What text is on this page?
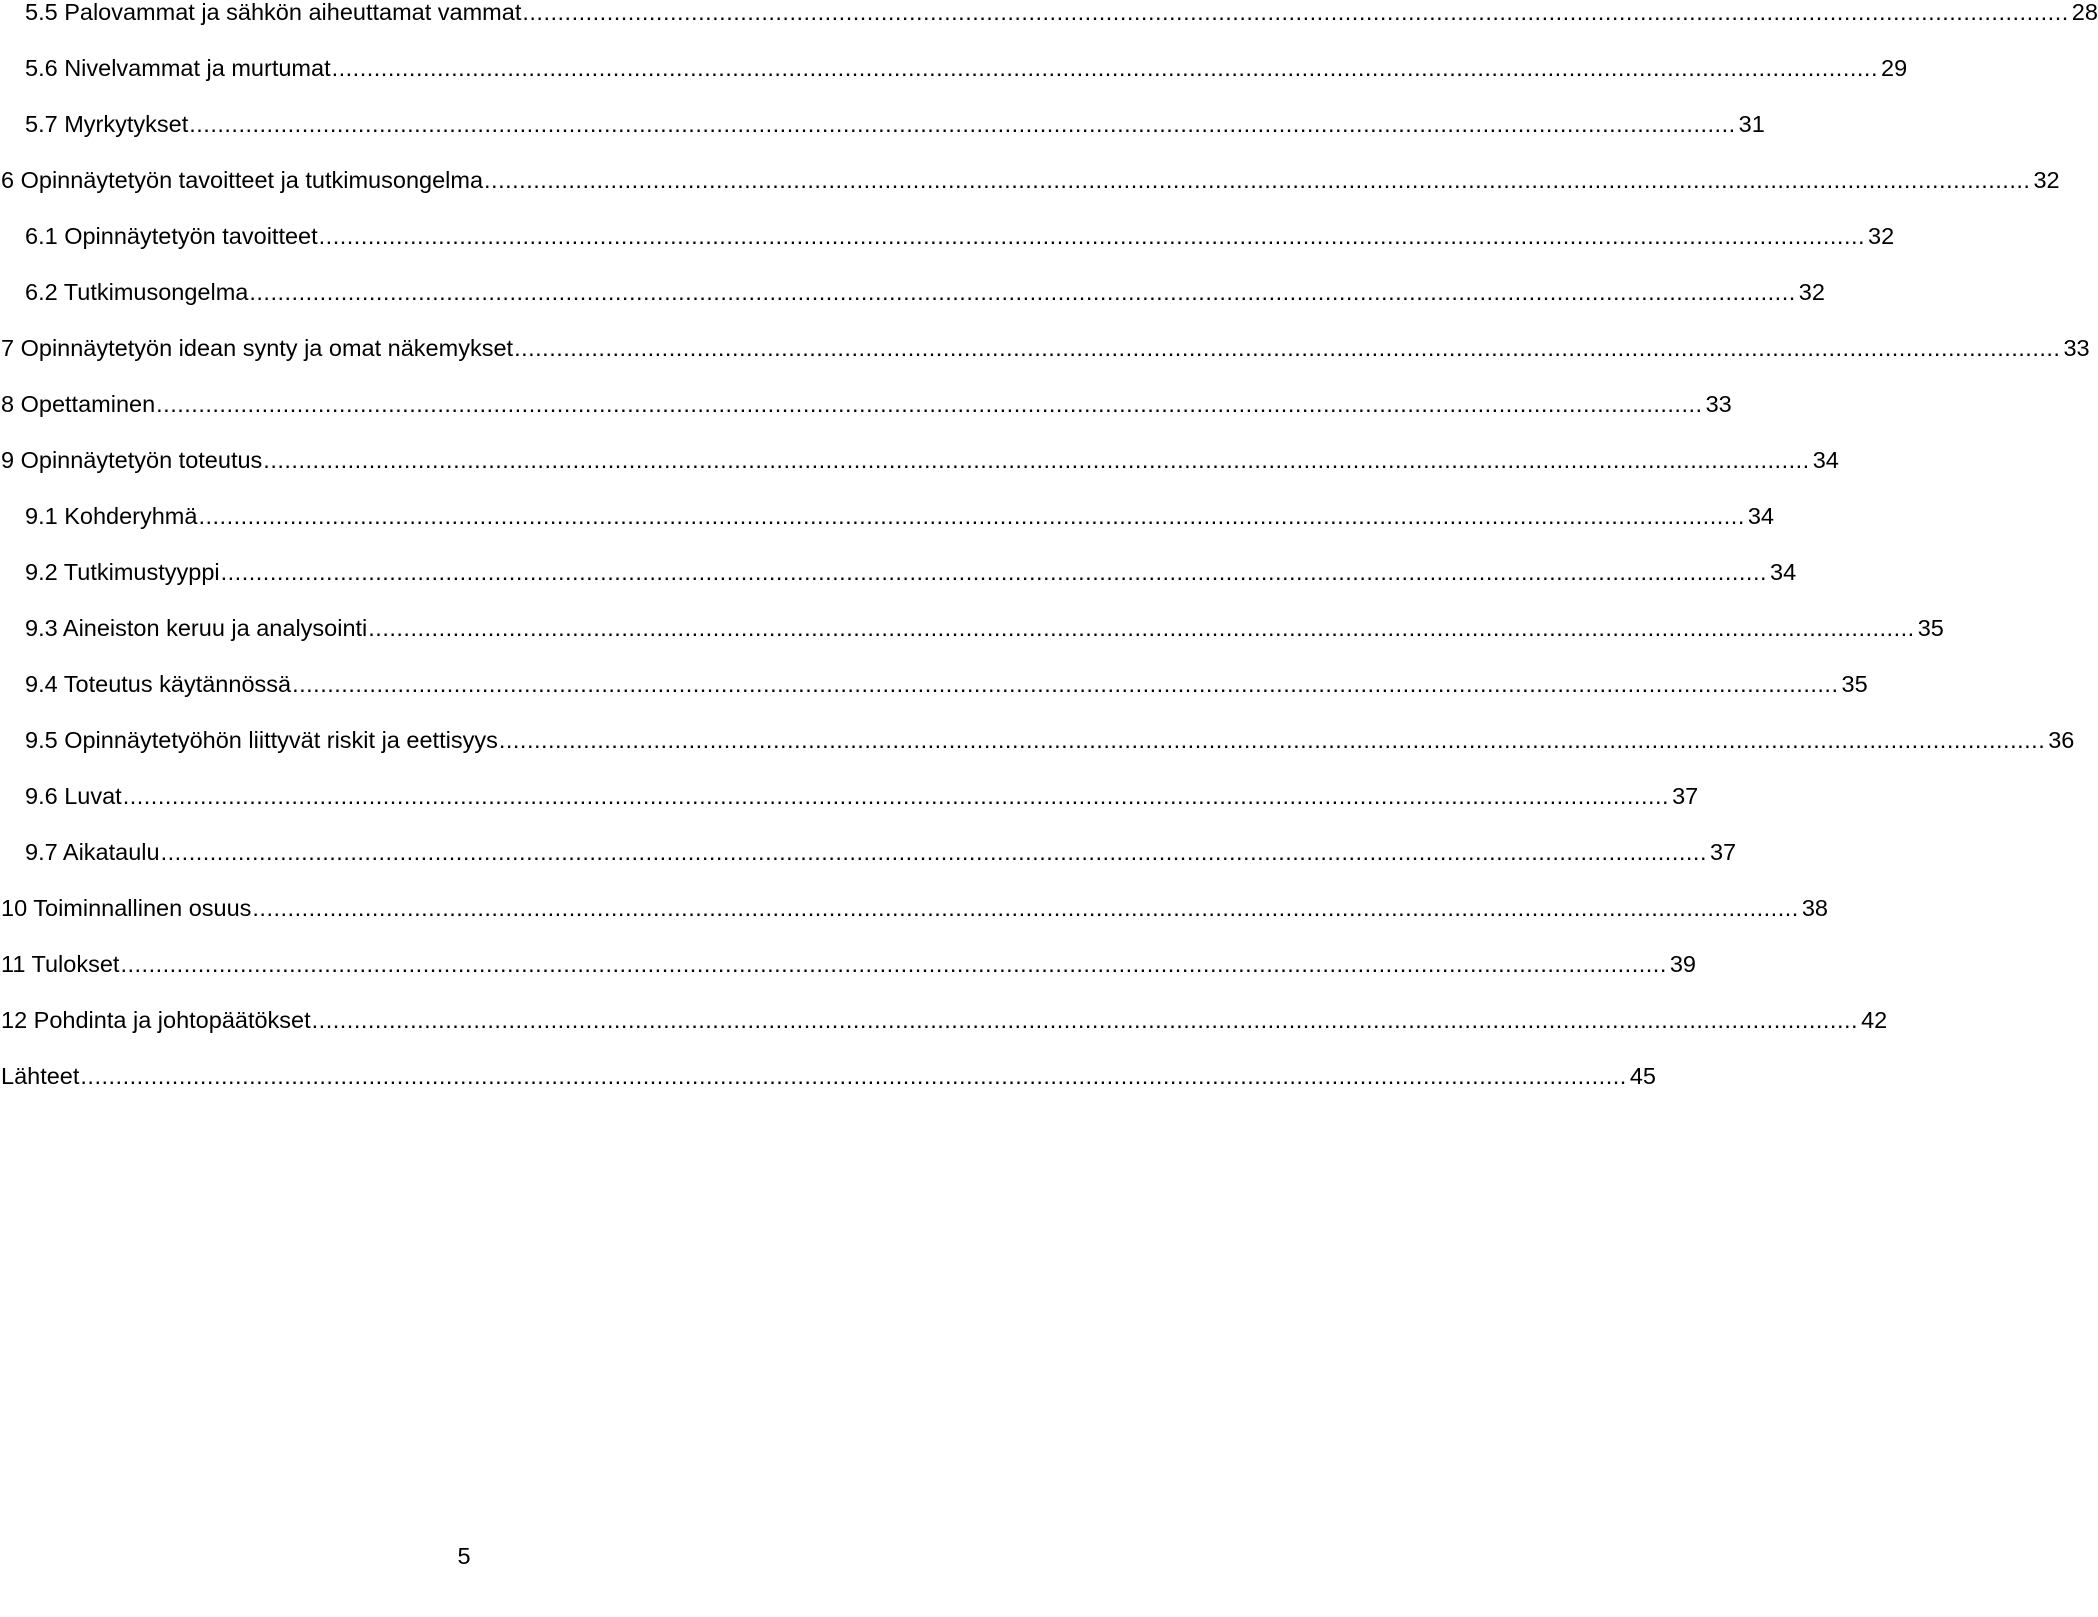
5.5 Palovammat ja sähkön aiheuttamat vammat ............................................................................................................................................................................................................................ 28
5.6 Nivelvammat ja murtumat ............................................................................................................................................................................................................................ 29
5.7 Myrkytykset ............................................................................................................................................................................................................................ 31
6 Opinnäytetyön tavoitteet ja tutkimusongelma ............................................................................................................................................................................................................................ 32
6.1 Opinnäytetyön tavoitteet ............................................................................................................................................................................................................................ 32
6.2 Tutkimusongelma ............................................................................................................................................................................................................................ 32
7 Opinnäytetyön idean synty ja omat näkemykset ............................................................................................................................................................................................................................ 33
8 Opettaminen ............................................................................................................................................................................................................................ 33
9 Opinnäytetyön toteutus ............................................................................................................................................................................................................................ 34
9.1 Kohderyhmä ............................................................................................................................................................................................................................ 34
9.2 Tutkimustyyppi ............................................................................................................................................................................................................................ 34
9.3 Aineiston keruu ja analysointi ............................................................................................................................................................................................................................ 35
9.4 Toteutus käytännössä ............................................................................................................................................................................................................................ 35
9.5 Opinnäytetyöhön liittyvät riskit ja eettisyys ............................................................................................................................................................................................................................ 36
9.6 Luvat ............................................................................................................................................................................................................................ 37
9.7 Aikataulu ............................................................................................................................................................................................................................ 37
10 Toiminnallinen osuus ............................................................................................................................................................................................................................ 38
11 Tulokset ............................................................................................................................................................................................................................ 39
12 Pohdinta ja johtopäätökset ............................................................................................................................................................................................................................ 42
Lähteet ............................................................................................................................................................................................................................ 45
5
